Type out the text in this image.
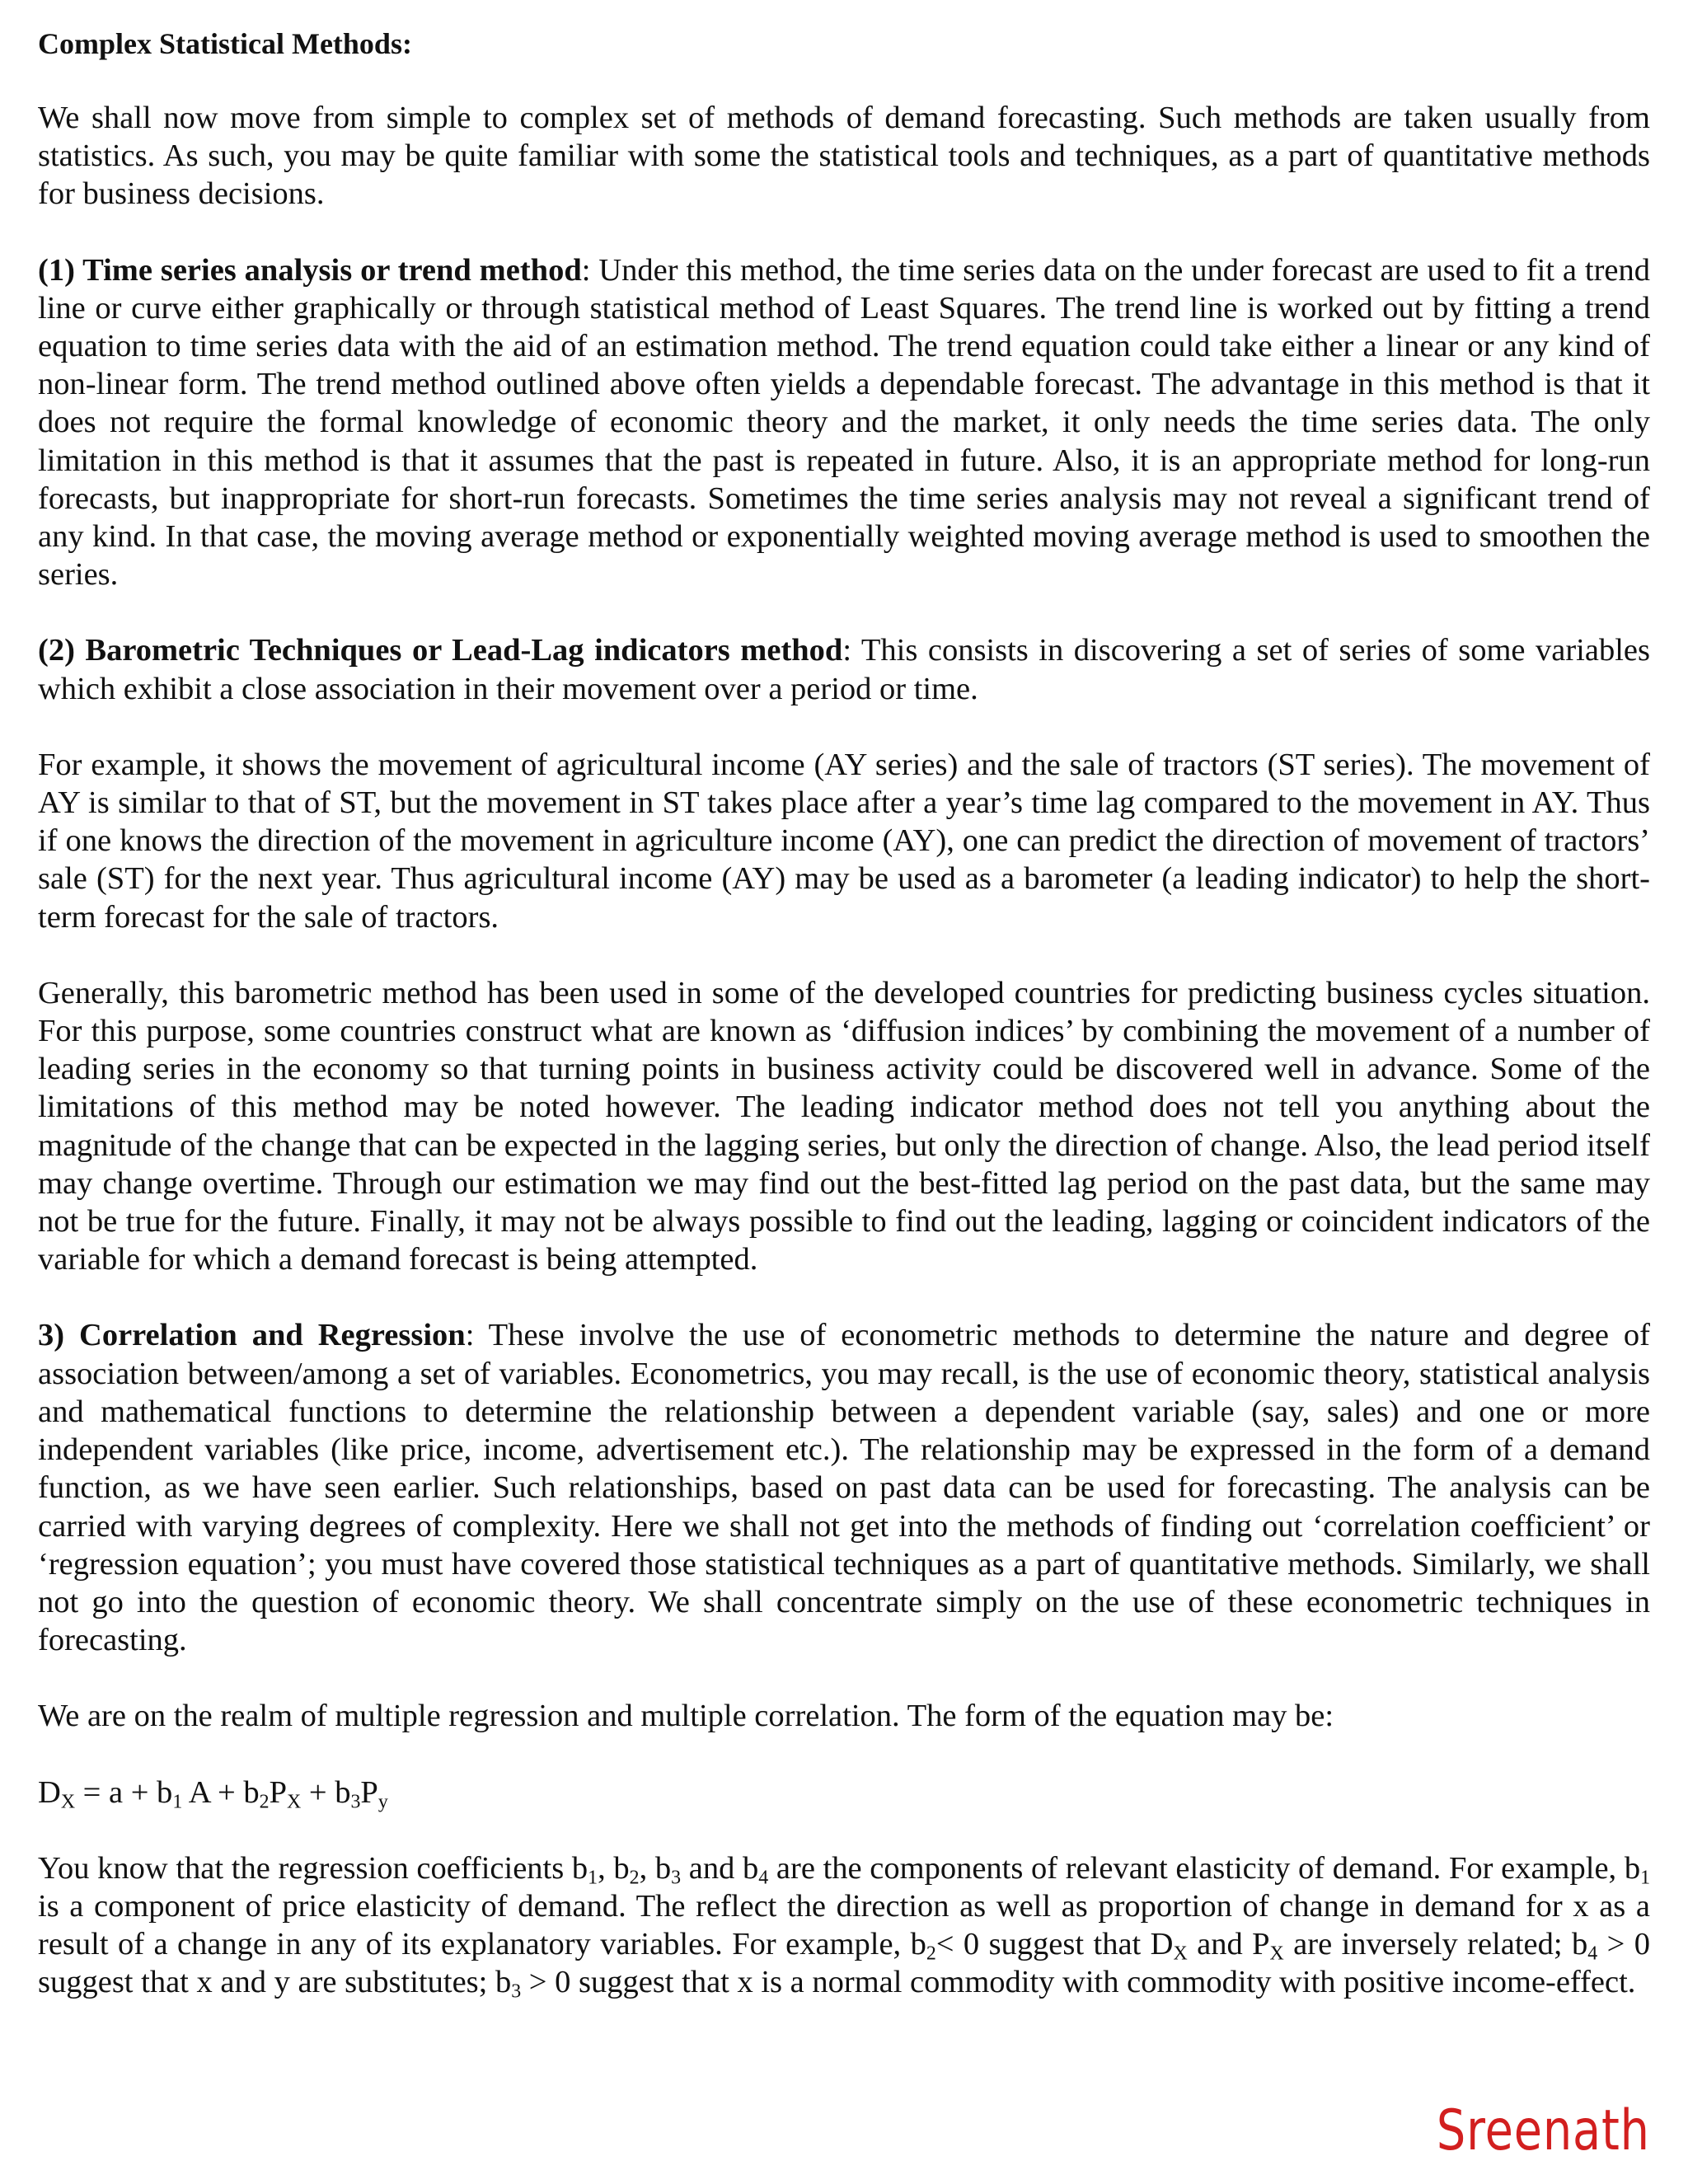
Complex Statistical Methods:

We shall now move from simple to complex set of methods of demand forecasting. Such methods are taken usually from statistics. As such, you may be quite familiar with some the statistical tools and techniques, as a part of quantitative methods for business decisions.

(1) Time series analysis or trend method: Under this method, the time series data on the under forecast are used to fit a trend line or curve either graphically or through statistical method of Least Squares. The trend line is worked out by fitting a trend equation to time series data with the aid of an estimation method. The trend equation could take either a linear or any kind of non-linear form. The trend method outlined above often yields a dependable forecast. The advantage in this method is that it does not require the formal knowledge of economic theory and the market, it only needs the time series data. The only limitation in this method is that it assumes that the past is repeated in future. Also, it is an appropriate method for long-run forecasts, but inappropriate for short-run forecasts. Sometimes the time series analysis may not reveal a significant trend of any kind. In that case, the moving average method or exponentially weighted moving average method is used to smoothen the series.

(2) Barometric Techniques or Lead-Lag indicators method: This consists in discovering a set of series of some variables which exhibit a close association in their movement over a period or time.

For example, it shows the movement of agricultural income (AY series) and the sale of tractors (ST series). The movement of AY is similar to that of ST, but the movement in ST takes place after a year’s time lag compared to the movement in AY. Thus if one knows the direction of the movement in agriculture income (AY), one can predict the direction of movement of tractors’ sale (ST) for the next year. Thus agricultural income (AY) may be used as a barometer (a leading indicator) to help the short-term forecast for the sale of tractors.

Generally, this barometric method has been used in some of the developed countries for predicting business cycles situation. For this purpose, some countries construct what are known as ‘diffusion indices’ by combining the movement of a number of leading series in the economy so that turning points in business activity could be discovered well in advance. Some of the limitations of this method may be noted however. The leading indicator method does not tell you anything about the magnitude of the change that can be expected in the lagging series, but only the direction of change. Also, the lead period itself may change overtime. Through our estimation we may find out the best-fitted lag period on the past data, but the same may not be true for the future. Finally, it may not be always possible to find out the leading, lagging or coincident indicators of the variable for which a demand forecast is being attempted.

3) Correlation and Regression: These involve the use of econometric methods to determine the nature and degree of association between/among a set of variables. Econometrics, you may recall, is the use of economic theory, statistical analysis and mathematical functions to determine the relationship between a dependent variable (say, sales) and one or more independent variables (like price, income, advertisement etc.). The relationship may be expressed in the form of a demand function, as we have seen earlier. Such relationships, based on past data can be used for forecasting. The analysis can be carried with varying degrees of complexity. Here we shall not get into the methods of finding out ‘correlation coefficient’ or ‘regression equation’; you must have covered those statistical techniques as a part of quantitative methods. Similarly, we shall not go into the question of economic theory. We shall concentrate simply on the use of these econometric techniques in forecasting.

We are on the realm of multiple regression and multiple correlation. The form of the equation may be:

$D_X = a + b_1$ $A + b_2P_X + b_3P_y$

You know that the regression coefficients $b_1$, $b_2$, $b_3$ and $b_4$ are the components of relevant elasticity of demand. For example, $b_1$ is a component of price elasticity of demand. The reflect the direction as well as proportion of change in demand for x as a result of a change in any of its explanatory variables. For example, $b_2< 0$ suggest that $D_X$ and $P_X$ are inversely related; $b_4 > 0$ suggest that x and y are substitutes; $b_3 > 0$ suggest that x is a normal commodity with commodity with positive income-effect.

Sreenath
